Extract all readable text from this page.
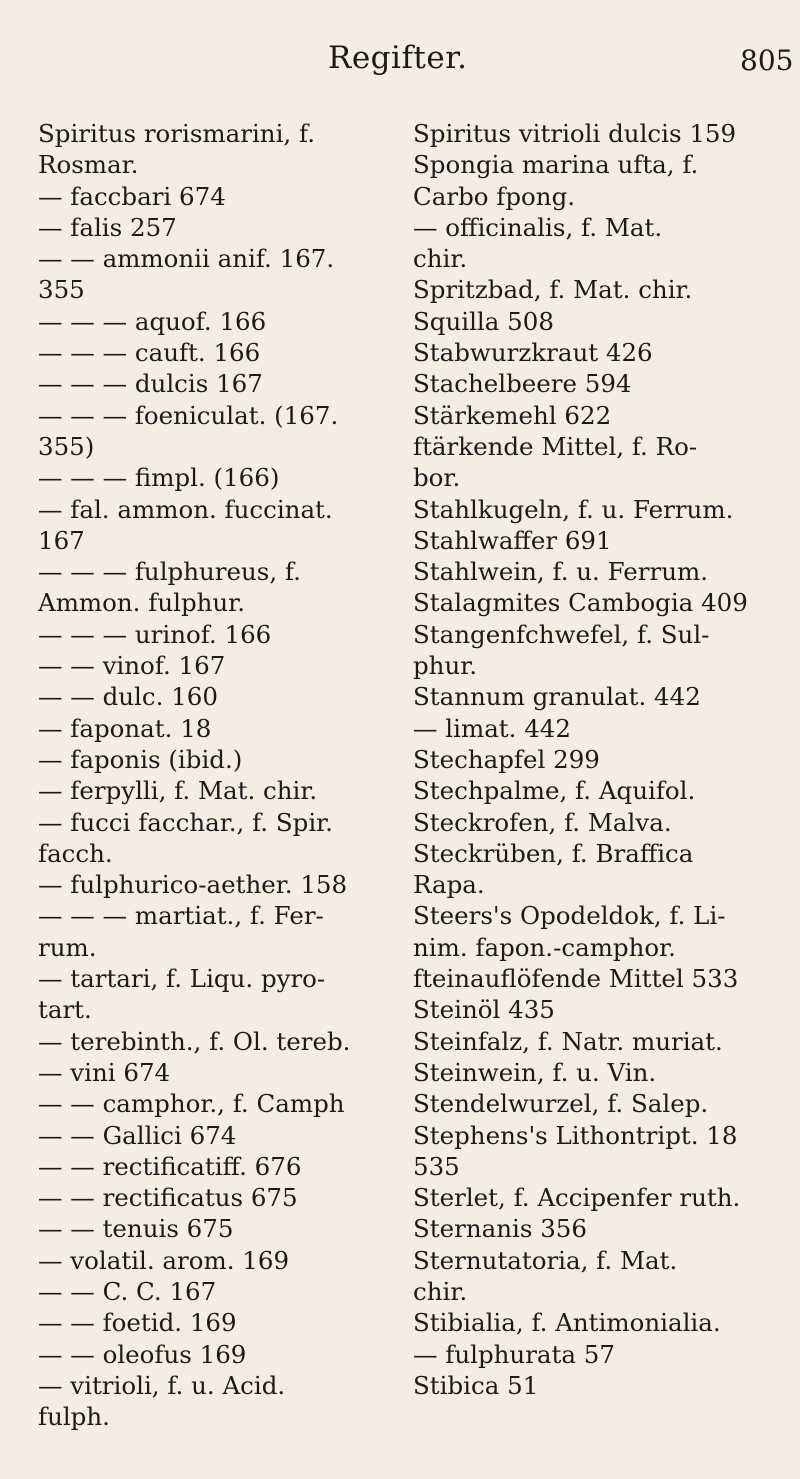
Regifter.	805
Spiritus rorismarini, f.
Rosmar.
— faccbari 674
— falis 257
— — ammonii anif. 167.
355
— — — aquof. 166
— — — cauft. 166
— — — dulcis 167
— — — foeniculat. (167.
355)
— — — fimpl. (166)
— fal. ammon. fuccinat.
167
— — — fulphureus, f.
Ammon. fulphur.
— — — urinof. 166
— — vinof. 167
— — dulc. 160
— faponat. 18
— faponis (ibid.)
— ferpylli, f. Mat. chir.
— fucci facchar., f. Spir.
facch.
— fulphurico-aether. 158
— — — martiat., f. Fer-
rum.
— tartari, f. Liqu. pyro-
tart.
— terebinth., f. Ol. tereb.
— vini 674
— — camphor., f. Camph
— — Gallici 674
— — rectificatiff. 676
— — rectificatus 675
— — tenuis 675
— volatil. arom. 169
— — C. C. 167
— — foetid. 169
— — oleofus 169
— vitrioli, f. u. Acid.
fulph.
Spiritus vitrioli dulcis 159
Spongia marina ufta, f.
Carbo fpong.
— officinalis, f. Mat.
chir.
Spritzbad, f. Mat. chir.
Squilla 508
Stabwurzkraut 426
Stachelbeere 594
Stärkemehl 622
ftärkende Mittel, f. Ro-
bor.
Stahlkugeln, f. u. Ferrum.
Stahlwaffer 691
Stahlwein, f. u. Ferrum.
Stalagmites Cambogia 409
Stangenfchwefel, f. Sul-
phur.
Stannum granulat. 442
— limat. 442
Stechapfel 299
Stechpalme, f. Aquifol.
Steckrofen, f. Malva.
Steckrüben, f. Braffica
Rapa.
Steers's Opodeldok, f. Li-
nim. fapon.-camphor.
fteinauflöfende Mittel 533
Steinöl 435
Steinfalz, f. Natr. muriat.
Steinwein, f. u. Vin.
Stendelwurzel, f. Salep.
Stephens's Lithontript. 18
535
Sterlet, f. Accipenfer ruth.
Sternanis 356
Sternutatoria, f. Mat.
chir.
Stibialia, f. Antimonialia.
— fulphurata 57
Stibica 51
